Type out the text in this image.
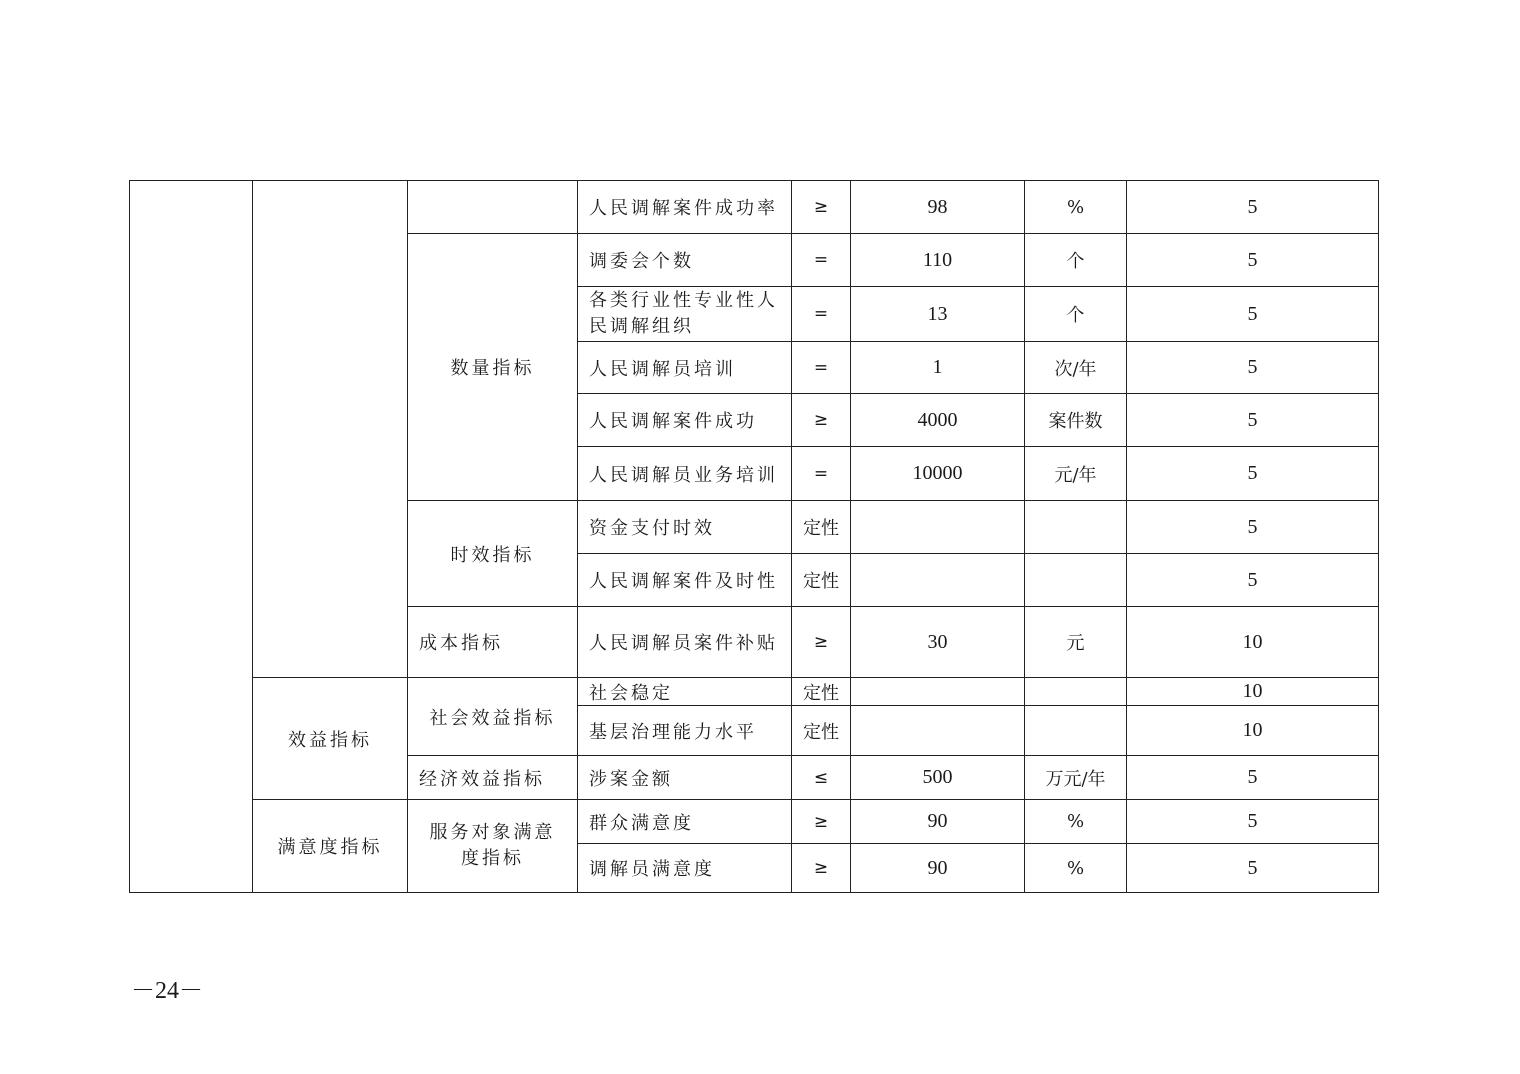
			人民调解案件成功率	≥	98	%	5
		数量指标	调委会个数	=	110	个	5
			各类行业性专业性人民调解组织	=	13	个	5
			人民调解员培训	=	1	次/年	5
			人民调解案件成功	≥	4000	案件数	5
			人民调解员业务培训	=	10000	元/年	5
		时效指标	资金支付时效	定性			5
			人民调解案件及时性	定性			5
		成本指标	人民调解员案件补贴	≥	30	元	10
	效益指标	社会效益指标	社会稳定	定性			10
			基层治理能力水平	定性			10
		经济效益指标	涉案金额	≤	500	万元/年	5
	满意度指标	服务对象满意度指标	群众满意度	≥	90	%	5
			调解员满意度	≥	90	%	5
－24－
